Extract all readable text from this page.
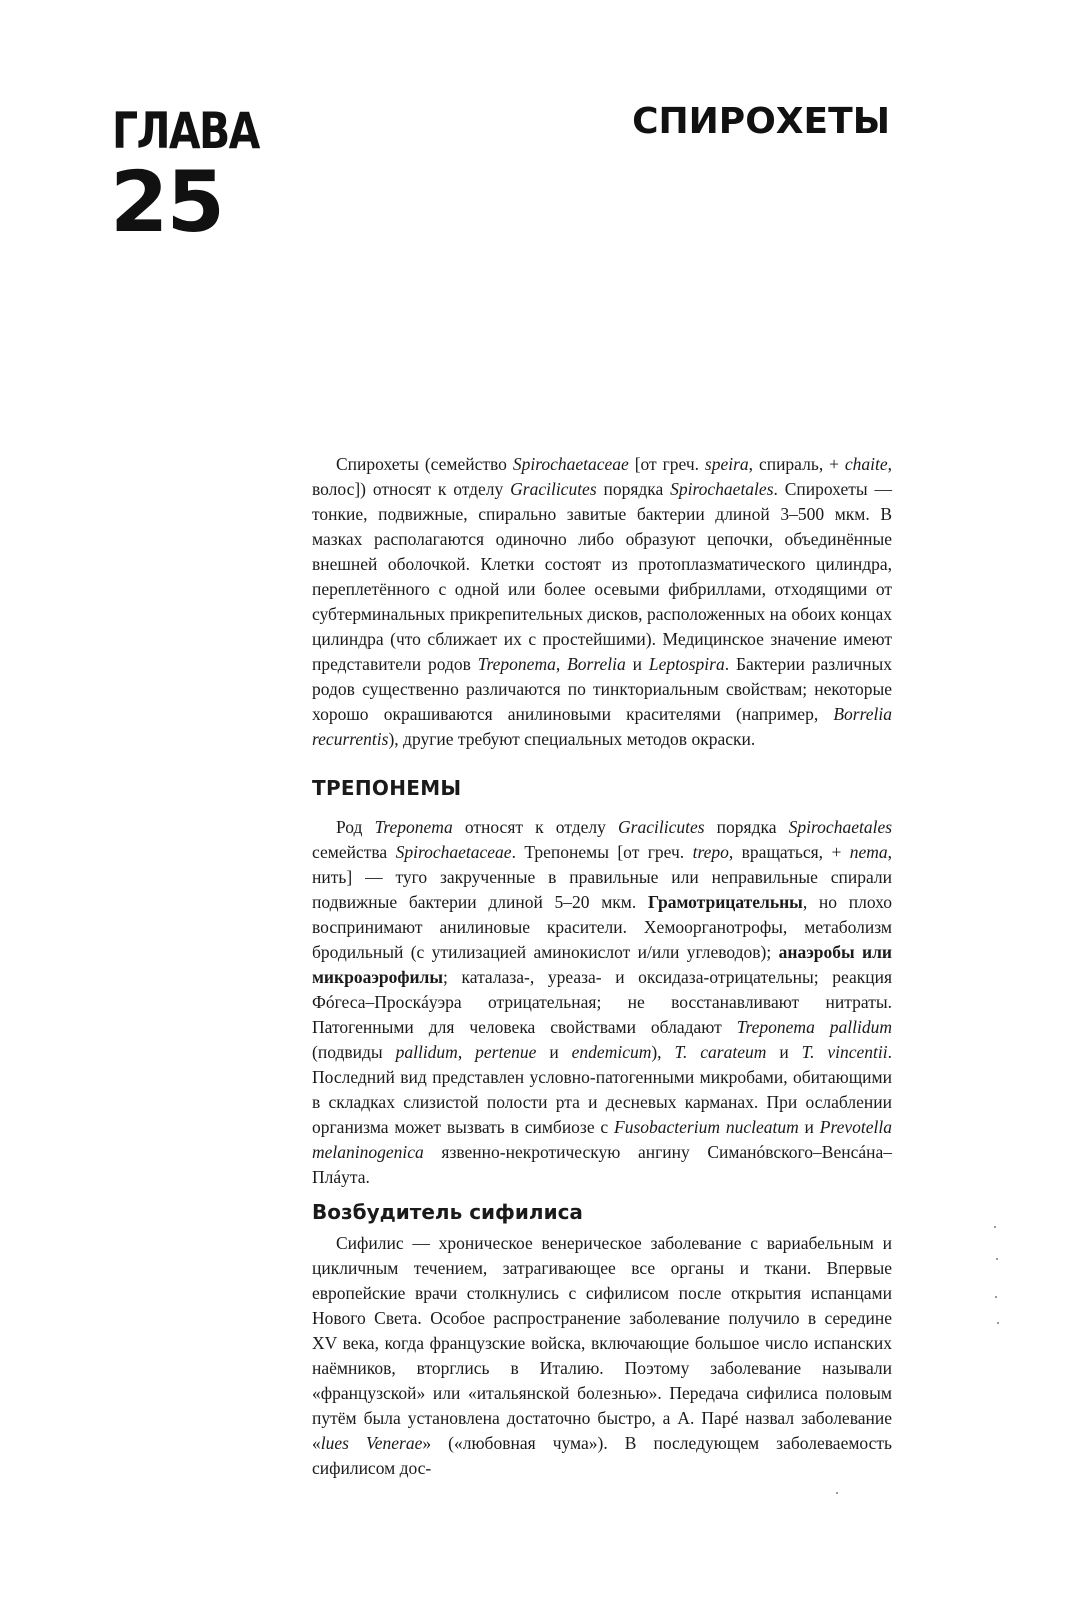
ГЛАВА
25
СПИРОХЕТЫ

Спирохеты (семейство Spirochaetaceae [от греч. speira, спираль, + chaite, волос]) относят к отделу Gracilicutes порядка Spirochaetales. Спирохеты — тонкие, подвижные, спирально завитые бактерии длиной 3–500 мкм. В мазках располагаются одиночно либо образуют цепочки, объединённые внешней оболочкой. Клетки состоят из протоплазматического цилиндра, переплетённого с одной или более осевыми фибриллами, отходящими от субтерминальных прикрепительных дисков, расположенных на обоих концах цилиндра (что сближает их с простейшими). Медицинское значение имеют представители родов Treponema, Borrelia и Leptospira. Бактерии различных родов существенно различаются по тинкториальным свойствам; некоторые хорошо окрашиваются анилиновыми красителями (например, Borrelia recurrentis), другие требуют специальных методов окраски.

ТРЕПОНЕМЫ

Род Treponema относят к отделу Gracilicutes порядка Spirochaetales семейства Spirochaetaceae. Трепонемы [от греч. trepo, вращаться, + nema, нить] — туго закрученные в правильные или неправильные спирали подвижные бактерии длиной 5–20 мкм. Грамотрицательны, но плохо воспринимают анилиновые красители. Хемоорганотрофы, метаболизм бродильный (с утилизацией аминокислот и/или углеводов); анаэробы или микроаэрофилы; каталаза-, уреаза- и оксидаза-отрицательны; реакция Фóгеса–Проскáуэра отрицательная; не восстанавливают нитраты. Патогенными для человека свойствами обладают Treponema pallidum (подвиды pallidum, pertenue и endemicum), T. carateum и T. vincentii. Последний вид представлен условно-патогенными микробами, обитающими в складках слизистой полости рта и десневых карманах. При ослаблении организма может вызвать в симбиозе с Fusobacterium nucleatum и Prevotella melaninogenica язвенно-некротическую ангину Симанóвского–Венсáна–Плáута.

Возбудитель сифилиса

Сифилис — хроническое венерическое заболевание с вариабельным и цикличным течением, затрагивающее все органы и ткани. Впервые европейские врачи столкнулись с сифилисом после открытия испанцами Нового Света. Особое распространение заболевание получило в середине XV века, когда французские войска, включающие большое число испанских наёмников, вторглись в Италию. Поэтому заболевание называли «французской» или «итальянской болезнью». Передача сифилиса половым путём была установлена достаточно быстро, а А. Парé назвал заболевание «lues Venerae» («любовная чума»). В последующем заболеваемость сифилисом дос-
